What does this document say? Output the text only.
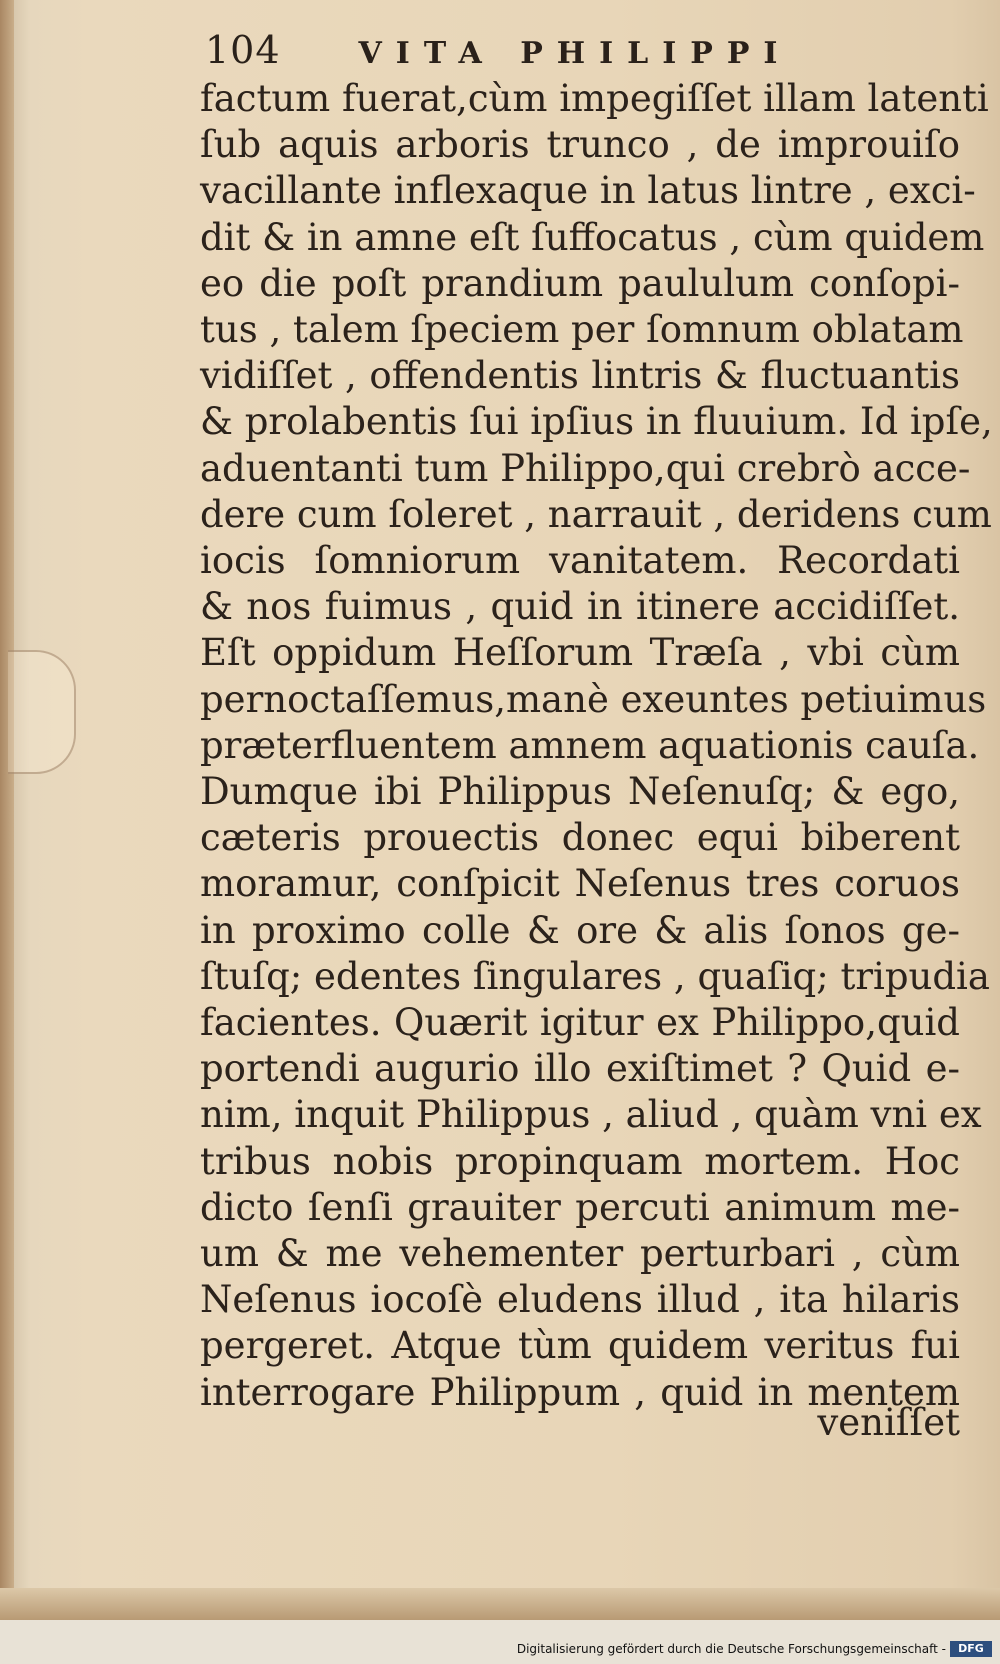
104	VITA PHILIPPI
factum fuerat,cùm impegiſſet illam latenti
ſub aquis arboris trunco , de improuiſo
vacillante inflexaque in latus lintre , exci-
dit & in amne eſt ſuffocatus , cùm quidem
eo die poſt prandium paululum conſopi-
tus , talem ſpeciem per ſomnum oblatam
vidiſſet , offendentis lintris & fluctuantis
& prolabentis ſui ipſius in fluuium. Id ipſe,
aduentanti tum Philippo,qui crebrò acce-
dere cum ſoleret , narrauit , deridens cum
iocis ſomniorum vanitatem. Recordati
& nos fuimus , quid in itinere accidiſſet.
Eſt oppidum Heſſorum Træſa , vbi cùm
pernoctaſſemus,manè exeuntes petiuimus
præterfluentem amnem aquationis cauſa.
Dumque ibi Philippus Neſenuſq; & ego,
cæteris prouectis donec equi biberent
moramur, conſpicit Neſenus tres coruos
in proximo colle & ore & alis ſonos ge-
ſtuſq; edentes ſingulares , quaſiq; tripudia
facientes. Quærit igitur ex Philippo,quid
portendi augurio illo exiſtimet ? Quid e-
nim, inquit Philippus , aliud , quàm vni ex
tribus nobis propinquam mortem. Hoc
dicto ſenſi grauiter percuti animum me-
um & me vehementer perturbari , cùm
Neſenus iocoſè eludens illud , ita hilaris
pergeret. Atque tùm quidem veritus fui
interrogare Philippum , quid in mentem
veniſſet
Digitalisierung gefördert durch die Deutsche Forschungsgemeinschaft -	DFG
